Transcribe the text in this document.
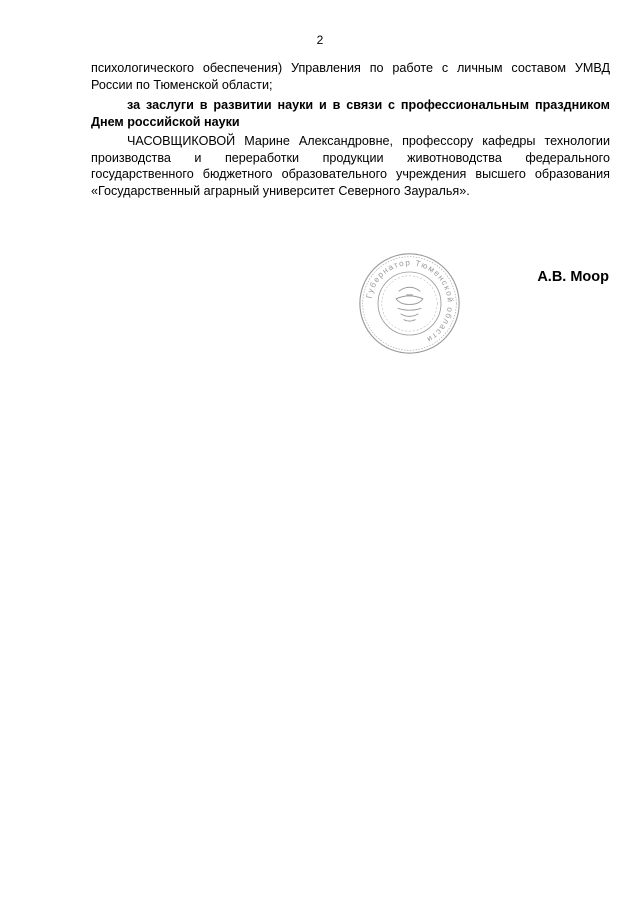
2

психологического обеспечения) Управления по работе с личным составом УМВД России по Тюменской области;

за заслуги в развитии науки и в связи с профессиональным праздником Днем российской науки

ЧАСОВЩИКОВОЙ Марине Александровне, профессору кафедры технологии производства и переработки продукции животноводства федерального государственного бюджетного образовательного учреждения высшего образования «Государственный аграрный университет Северного Зауралья».

Губернатор Тюменской области
А.В. Моор
